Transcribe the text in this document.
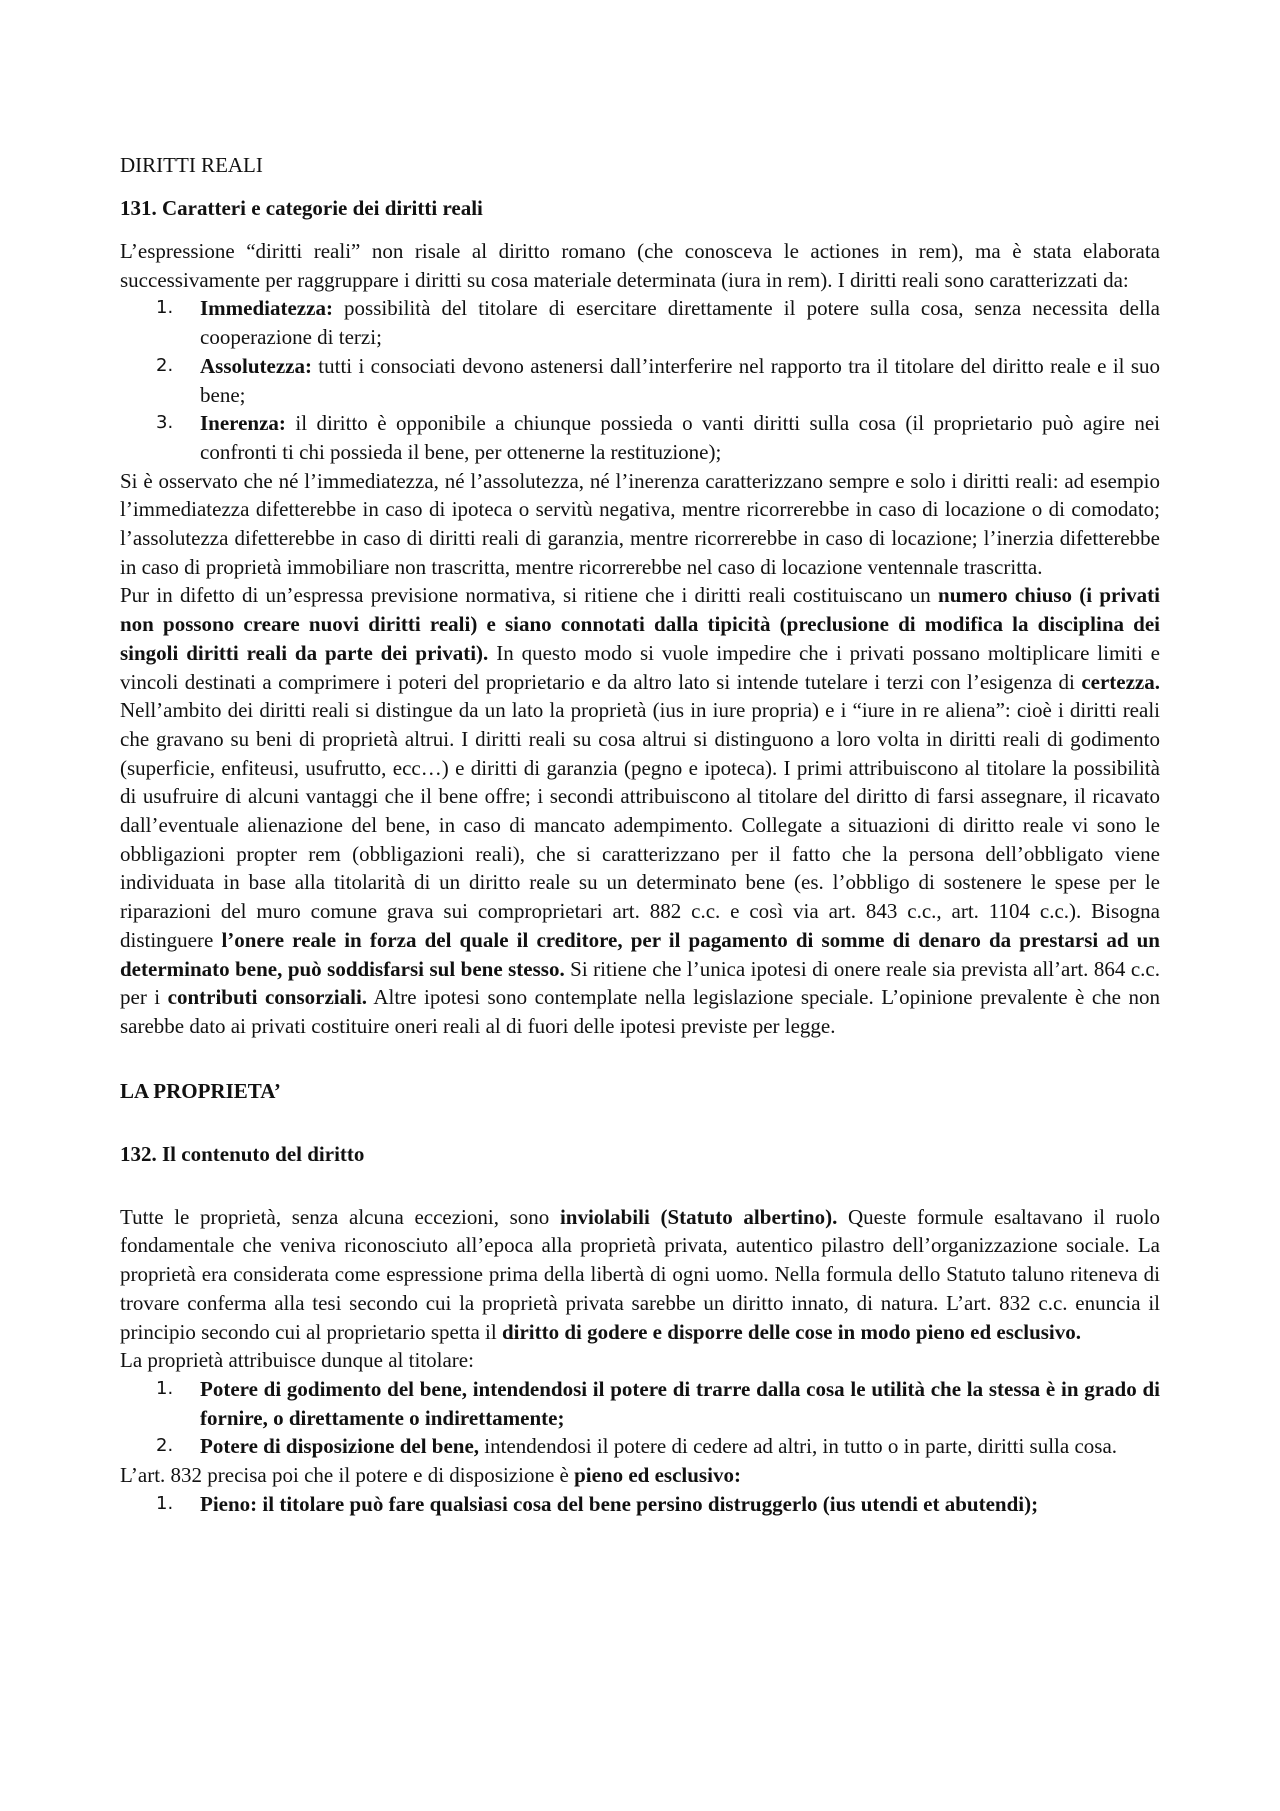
DIRITTI REALI
131. Caratteri e categorie dei diritti reali

L’espressione “diritti reali” non risale al diritto romano (che conosceva le actiones in rem), ma è stata elaborata successivamente per raggruppare i diritti su cosa materiale determinata (iura in rem). I diritti reali sono caratterizzati da:

1. Immediatezza: possibilità del titolare di esercitare direttamente il potere sulla cosa, senza necessita della cooperazione di terzi;
2. Assolutezza: tutti i consociati devono astenersi dall’interferire nel rapporto tra il titolare del diritto reale e il suo bene;
3. Inerenza: il diritto è opponibile a chiunque possieda o vanti diritti sulla cosa (il proprietario può agire nei confronti ti chi possieda il bene, per ottenerne la restituzione);

Si è osservato che né l’immediatezza, né l’assolutezza, né l’inerenza caratterizzano sempre e solo i diritti reali: ad esempio l’immediatezza difetterebbe in caso di ipoteca o servitù negativa, mentre ricorrerebbe in caso di locazione o di comodato; l’assolutezza difetterebbe in caso di diritti reali di garanzia, mentre ricorrerebbe in caso di locazione; l’inerzia difetterebbe in caso di proprietà immobiliare non trascritta, mentre ricorrerebbe nel caso di locazione ventennale trascritta.

Pur in difetto di un’espressa previsione normativa, si ritiene che i diritti reali costituiscano un numero chiuso (i privati non possono creare nuovi diritti reali) e siano connotati dalla tipicità (preclusione di modifica la disciplina dei singoli diritti reali da parte dei privati). In questo modo si vuole impedire che i privati possano moltiplicare limiti e vincoli destinati a comprimere i poteri del proprietario e da altro lato si intende tutelare i terzi con l’esigenza di certezza. Nell’ambito dei diritti reali si distingue da un lato la proprietà (ius in iure propria) e i “iure in re aliena”: cioè i diritti reali che gravano su beni di proprietà altrui. I diritti reali su cosa altrui si distinguono a loro volta in diritti reali di godimento (superficie, enfiteusi, usufrutto, ecc…) e diritti di garanzia (pegno e ipoteca). I primi attribuiscono al titolare la possibilità di usufruire di alcuni vantaggi che il bene offre; i secondi attribuiscono al titolare del diritto di farsi assegnare, il ricavato dall’eventuale alienazione del bene, in caso di mancato adempimento. Collegate a situazioni di diritto reale vi sono le obbligazioni propter rem (obbligazioni reali), che si caratterizzano per il fatto che la persona dell’obbligato viene individuata in base alla titolarità di un diritto reale su un determinato bene (es. l’obbligo di sostenere le spese per le riparazioni del muro comune grava sui comproprietari art. 882 c.c. e così via art. 843 c.c., art. 1104 c.c.). Bisogna distinguere l’onere reale in forza del quale il creditore, per il pagamento di somme di denaro da prestarsi ad un determinato bene, può soddisfarsi sul bene stesso. Si ritiene che l’unica ipotesi di onere reale sia prevista all’art. 864 c.c. per i contributi consorziali. Altre ipotesi sono contemplate nella legislazione speciale. L’opinione prevalente è che non sarebbe dato ai privati costituire oneri reali al di fuori delle ipotesi previste per legge.

LA PROPRIETA’
132. Il contenuto del diritto

Tutte le proprietà, senza alcuna eccezioni, sono inviolabili (Statuto albertino). Queste formule esaltavano il ruolo fondamentale che veniva riconosciuto all’epoca alla proprietà privata, autentico pilastro dell’organizzazione sociale. La proprietà era considerata come espressione prima della libertà di ogni uomo. Nella formula dello Statuto taluno riteneva di trovare conferma alla tesi secondo cui la proprietà privata sarebbe un diritto innato, di natura. L’art. 832 c.c. enuncia il principio secondo cui al proprietario spetta il diritto di godere e disporre delle cose in modo pieno ed esclusivo.

La proprietà attribuisce dunque al titolare:

1. Potere di godimento del bene, intendendosi il potere di trarre dalla cosa le utilità che la stessa è in grado di fornire, o direttamente o indirettamente;
2. Potere di disposizione del bene, intendendosi il potere di cedere ad altri, in tutto o in parte, diritti sulla cosa.

L’art. 832 precisa poi che il potere e di disposizione è pieno ed esclusivo:

1. Pieno: il titolare può fare qualsiasi cosa del bene persino distruggerlo (ius utendi et abutendi);
